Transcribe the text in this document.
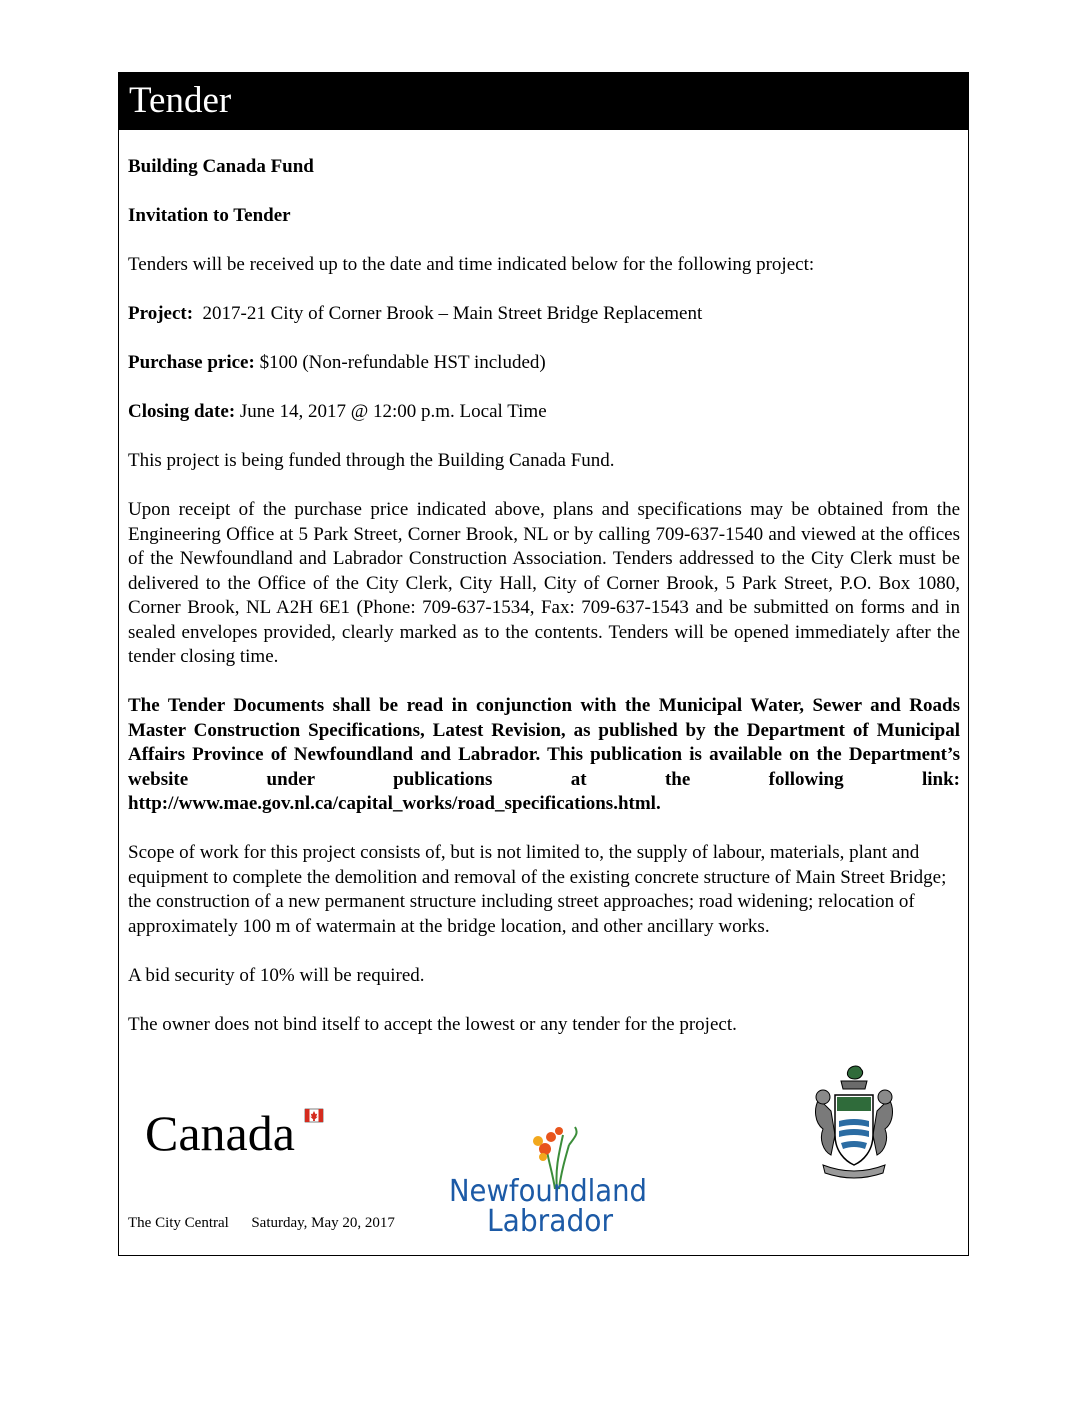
Tender

Building Canada Fund

Invitation to Tender

Tenders will be received up to the date and time indicated below for the following project:

Project: 2017-21 City of Corner Brook – Main Street Bridge Replacement

Purchase price: $100 (Non-refundable HST included)

Closing date: June 14, 2017 @ 12:00 p.m. Local Time

This project is being funded through the Building Canada Fund.

Upon receipt of the purchase price indicated above, plans and specifications may be obtained from the Engineering Office at 5 Park Street, Corner Brook, NL or by calling 709-637-1540 and viewed at the offices of the Newfoundland and Labrador Construction Association. Tenders addressed to the City Clerk must be delivered to the Office of the City Clerk, City Hall, City of Corner Brook, 5 Park Street, P.O. Box 1080, Corner Brook, NL A2H 6E1 (Phone: 709-637-1534, Fax: 709-637-1543 and be submitted on forms and in sealed envelopes provided, clearly marked as to the contents. Tenders will be opened immediately after the tender closing time.

The Tender Documents shall be read in conjunction with the Municipal Water, Sewer and Roads Master Construction Specifications, Latest Revision, as published by the Department of Municipal Affairs Province of Newfoundland and Labrador. This publication is available on the Department’s website under publications at the following link: http://www.mae.gov.nl.ca/capital_works/road_specifications.html.

Scope of work for this project consists of, but is not limited to, the supply of labour, materials, plant and equipment to complete the demolition and removal of the existing concrete structure of Main Street Bridge; the construction of a new permanent structure including street approaches; road widening; relocation of approximately 100 m of watermain at the bridge location, and other ancillary works.

A bid security of 10% will be required.

The owner does not bind itself to accept the lowest or any tender for the project.

Canada
Newfoundland
Labrador
The City Central Saturday, May 20, 2017
